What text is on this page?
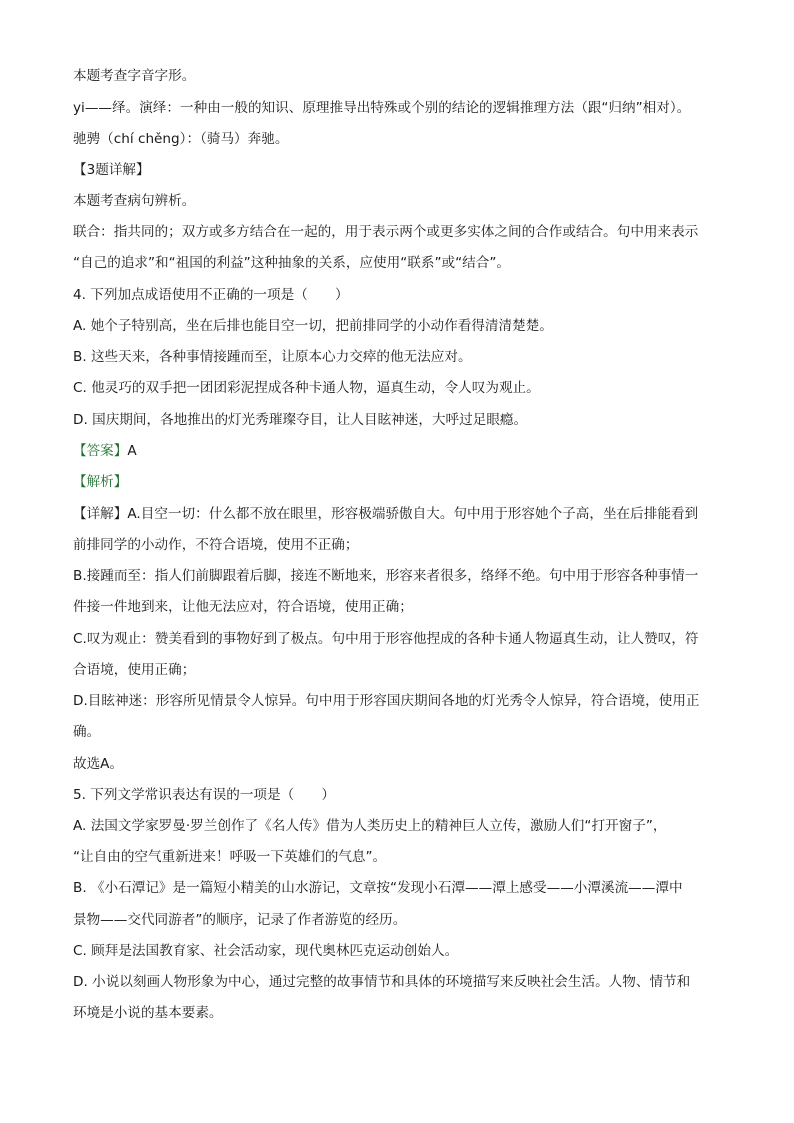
本题考查字音字形。
yi——绎。演绎：一种由一般的知识、原理推导出特殊或个别的结论的逻辑推理方法（跟“归纳”相对）。
驰骋（chí chěng）：（骑马）奔驰。
【3题详解】
本题考查病句辨析。
联合：指共同的；双方或多方结合在一起的，用于表示两个或更多实体之间的合作或结合。句中用来表示
“自己的追求”和“祖国的利益”这种抽象的关系，应使用“联系”或“结合”。
4. 下列加点成语使用不正确的一项是（　　）
A. 她个子特别高，坐在后排也能目空一切，把前排同学的小动作看得清清楚楚。
B. 这些天来，各种事情接踵而至，让原本心力交瘁的他无法应对。
C. 他灵巧的双手把一团团彩泥捏成各种卡通人物，逼真生动，令人叹为观止。
D. 国庆期间，各地推出的灯光秀璀璨夺目，让人目眩神迷，大呼过足眼瘾。
【答案】A
【解析】
【详解】A.目空一切：什么都不放在眼里，形容极端骄傲自大。句中用于形容她个子高，坐在后排能看到
前排同学的小动作，不符合语境，使用不正确；
B.接踵而至：指人们前脚跟着后脚，接连不断地来，形容来者很多，络绎不绝。句中用于形容各种事情一
件接一件地到来，让他无法应对，符合语境，使用正确；
C.叹为观止：赞美看到的事物好到了极点。句中用于形容他捏成的各种卡通人物逼真生动，让人赞叹，符
合语境，使用正确；
D.目眩神迷：形容所见情景令人惊异。句中用于形容国庆期间各地的灯光秀令人惊异，符合语境，使用正
确。
故选A。
5. 下列文学常识表达有误的一项是（　　）
A. 法国文学家罗曼·罗兰创作了《名人传》借为人类历史上的精神巨人立传，激励人们“打开窗子”，
“让自由的空气重新进来！呼吸一下英雄们的气息”。
B. 《小石潭记》是一篇短小精美的山水游记，文章按“发现小石潭——潭上感受——小潭溪流——潭中
景物——交代同游者”的顺序，记录了作者游览的经历。
C. 顾拜是法国教育家、社会活动家，现代奥林匹克运动创始人。
D. 小说以刻画人物形象为中心，通过完整的故事情节和具体的环境描写来反映社会生活。人物、情节和
环境是小说的基本要素。
